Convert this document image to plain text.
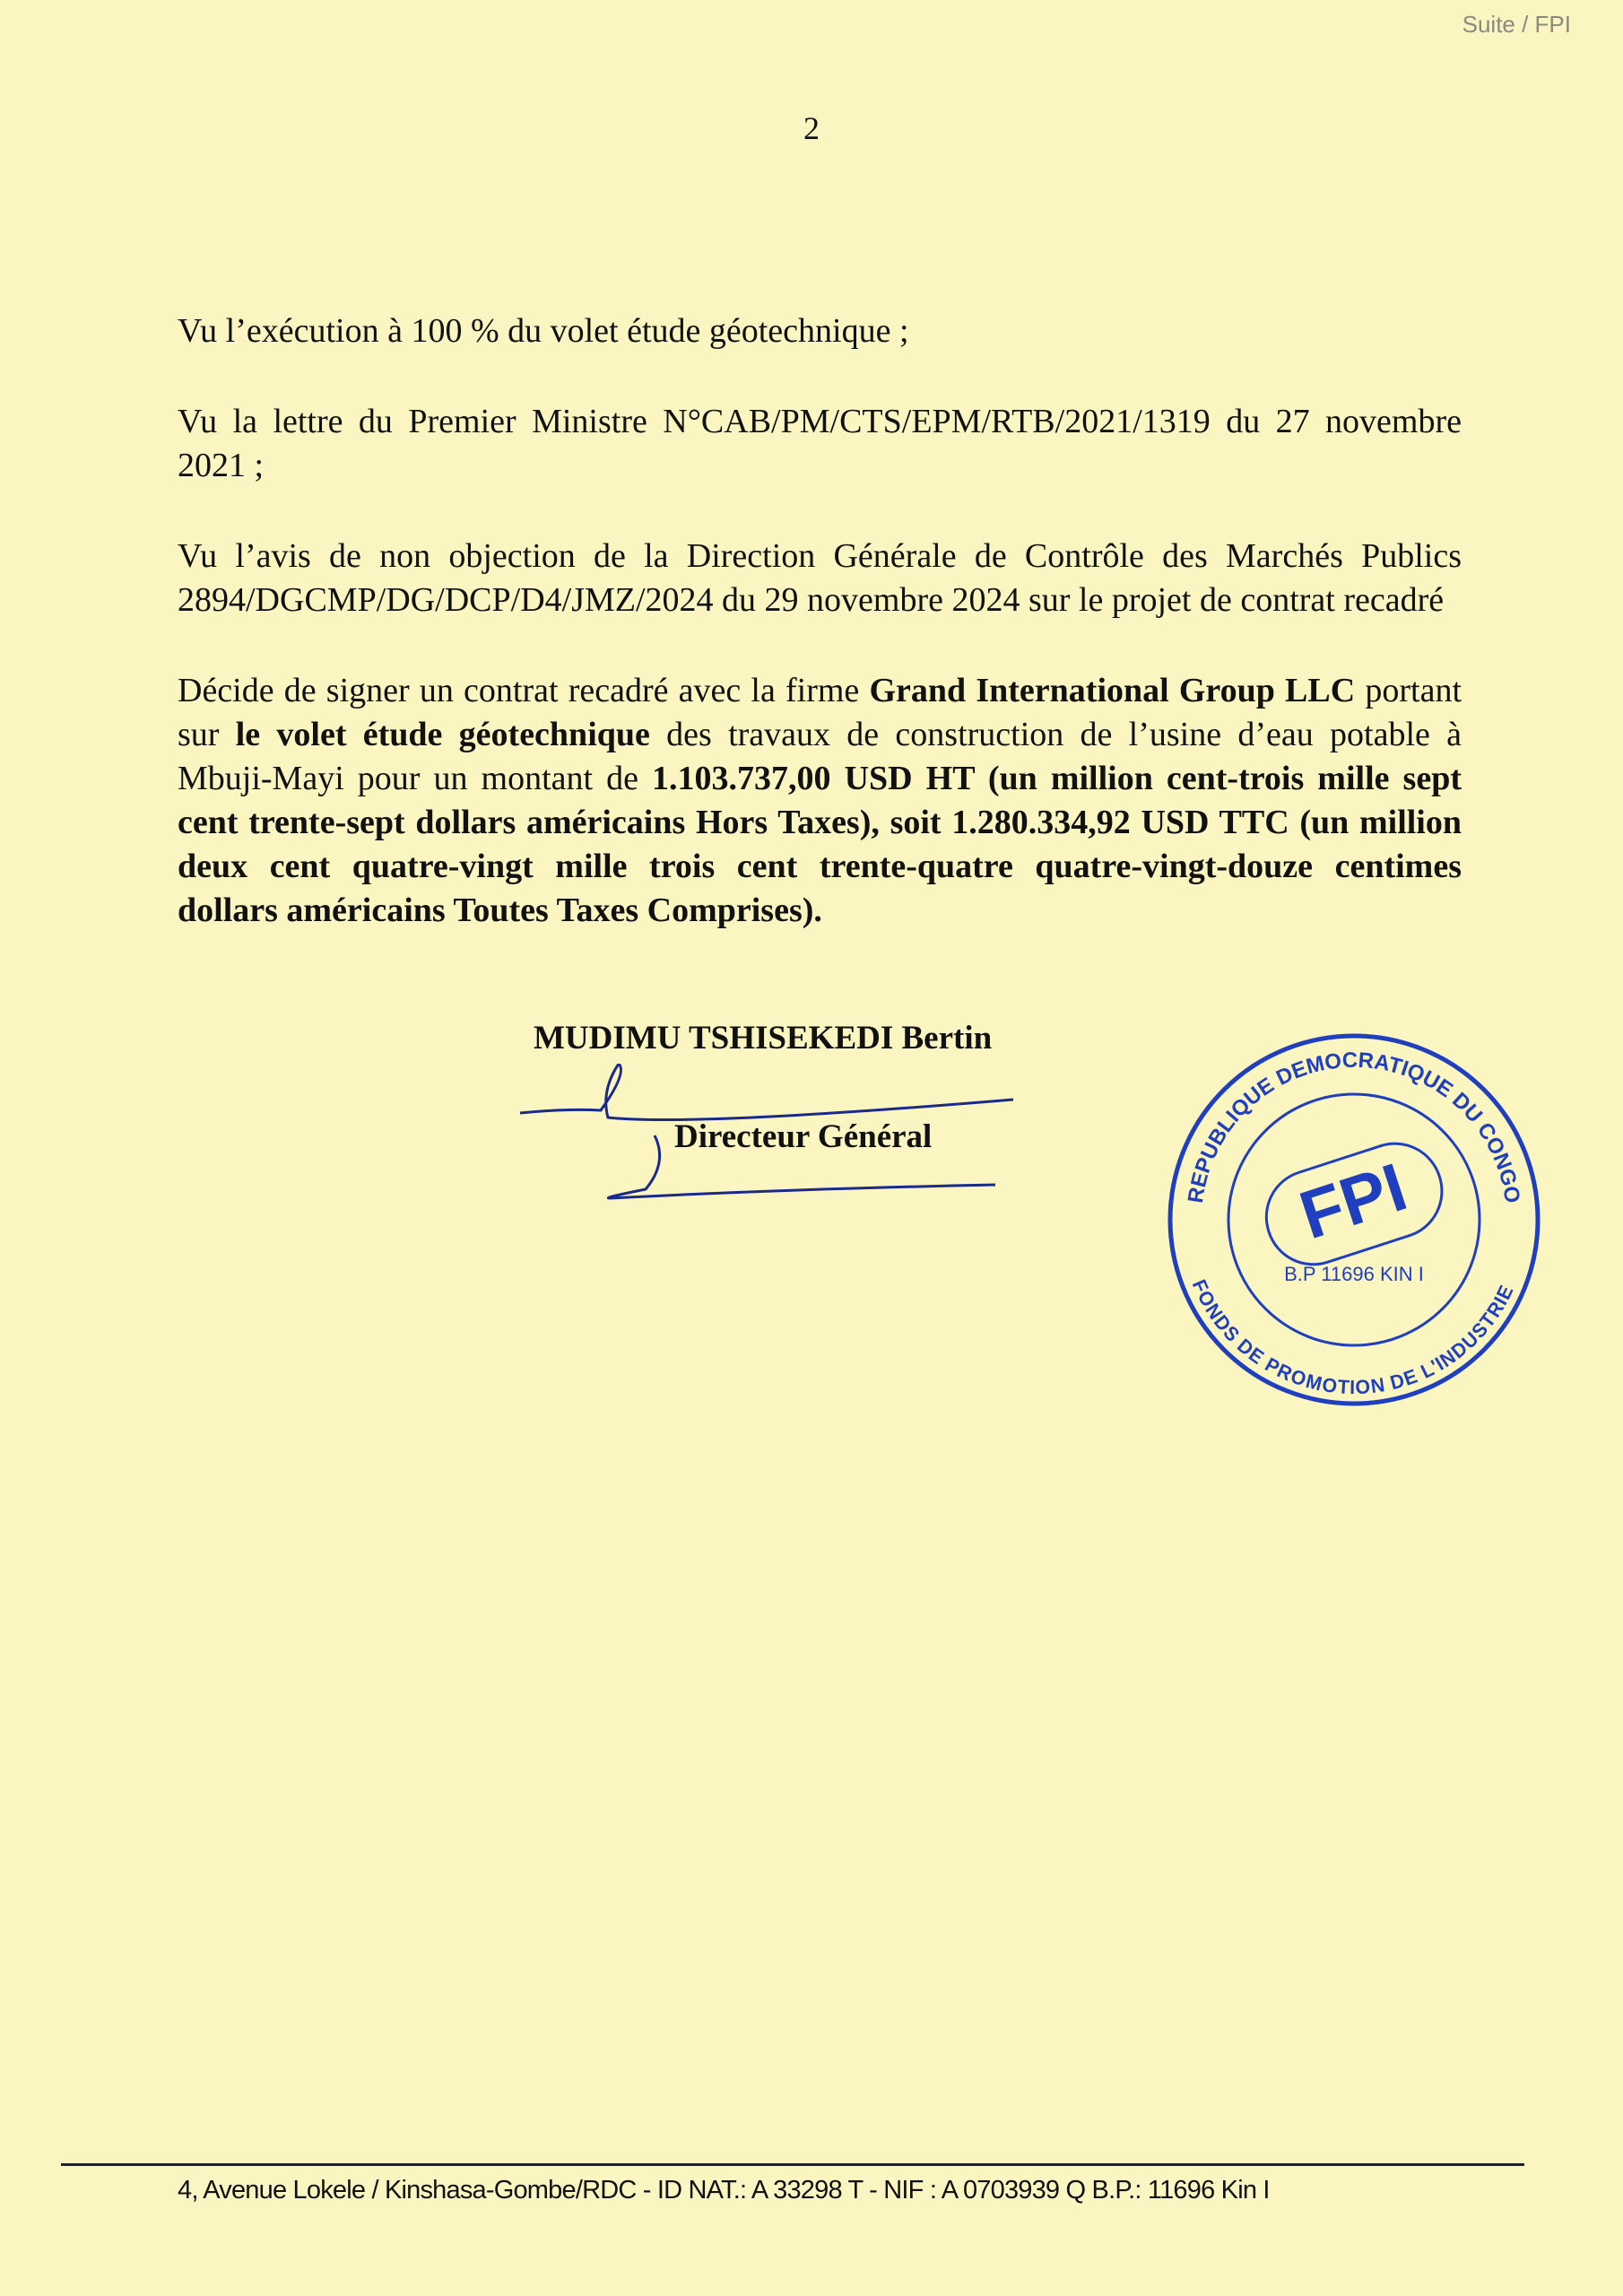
Suite / FPI
2
Vu l’exécution à 100 % du volet étude géotechnique ;
Vu la lettre du Premier Ministre N°CAB/PM/CTS/EPM/RTB/2021/1319 du 27 novembre 2021 ;
Vu l’avis de non objection de la Direction Générale de Contrôle des Marchés Publics 2894/DGCMP/DG/DCP/D4/JMZ/2024 du 29 novembre 2024 sur le projet de contrat recadré
Décide de signer un contrat recadré avec la firme Grand International Group LLC portant sur le volet étude géotechnique des travaux de construction de l’usine d’eau potable à Mbuji-Mayi pour un montant de 1.103.737,00 USD HT (un million cent-trois mille sept cent trente-sept dollars américains Hors Taxes), soit 1.280.334,92 USD TTC (un million deux cent quatre-vingt mille trois cent trente-quatre quatre-vingt-douze centimes dollars américains Toutes Taxes Comprises).
MUDIMU TSHISEKEDI Bertin
Directeur Général
REPUBLIQUE DEMOCRATIQUE DU CONGO
FONDS DE PROMOTION DE L'INDUSTRIE
FPI
B.P 11696 KIN I
4, Avenue Lokele / Kinshasa-Gombe/RDC - ID NAT.: A 33298 T - NIF : A 0703939 Q B.P.: 11696 Kin I
